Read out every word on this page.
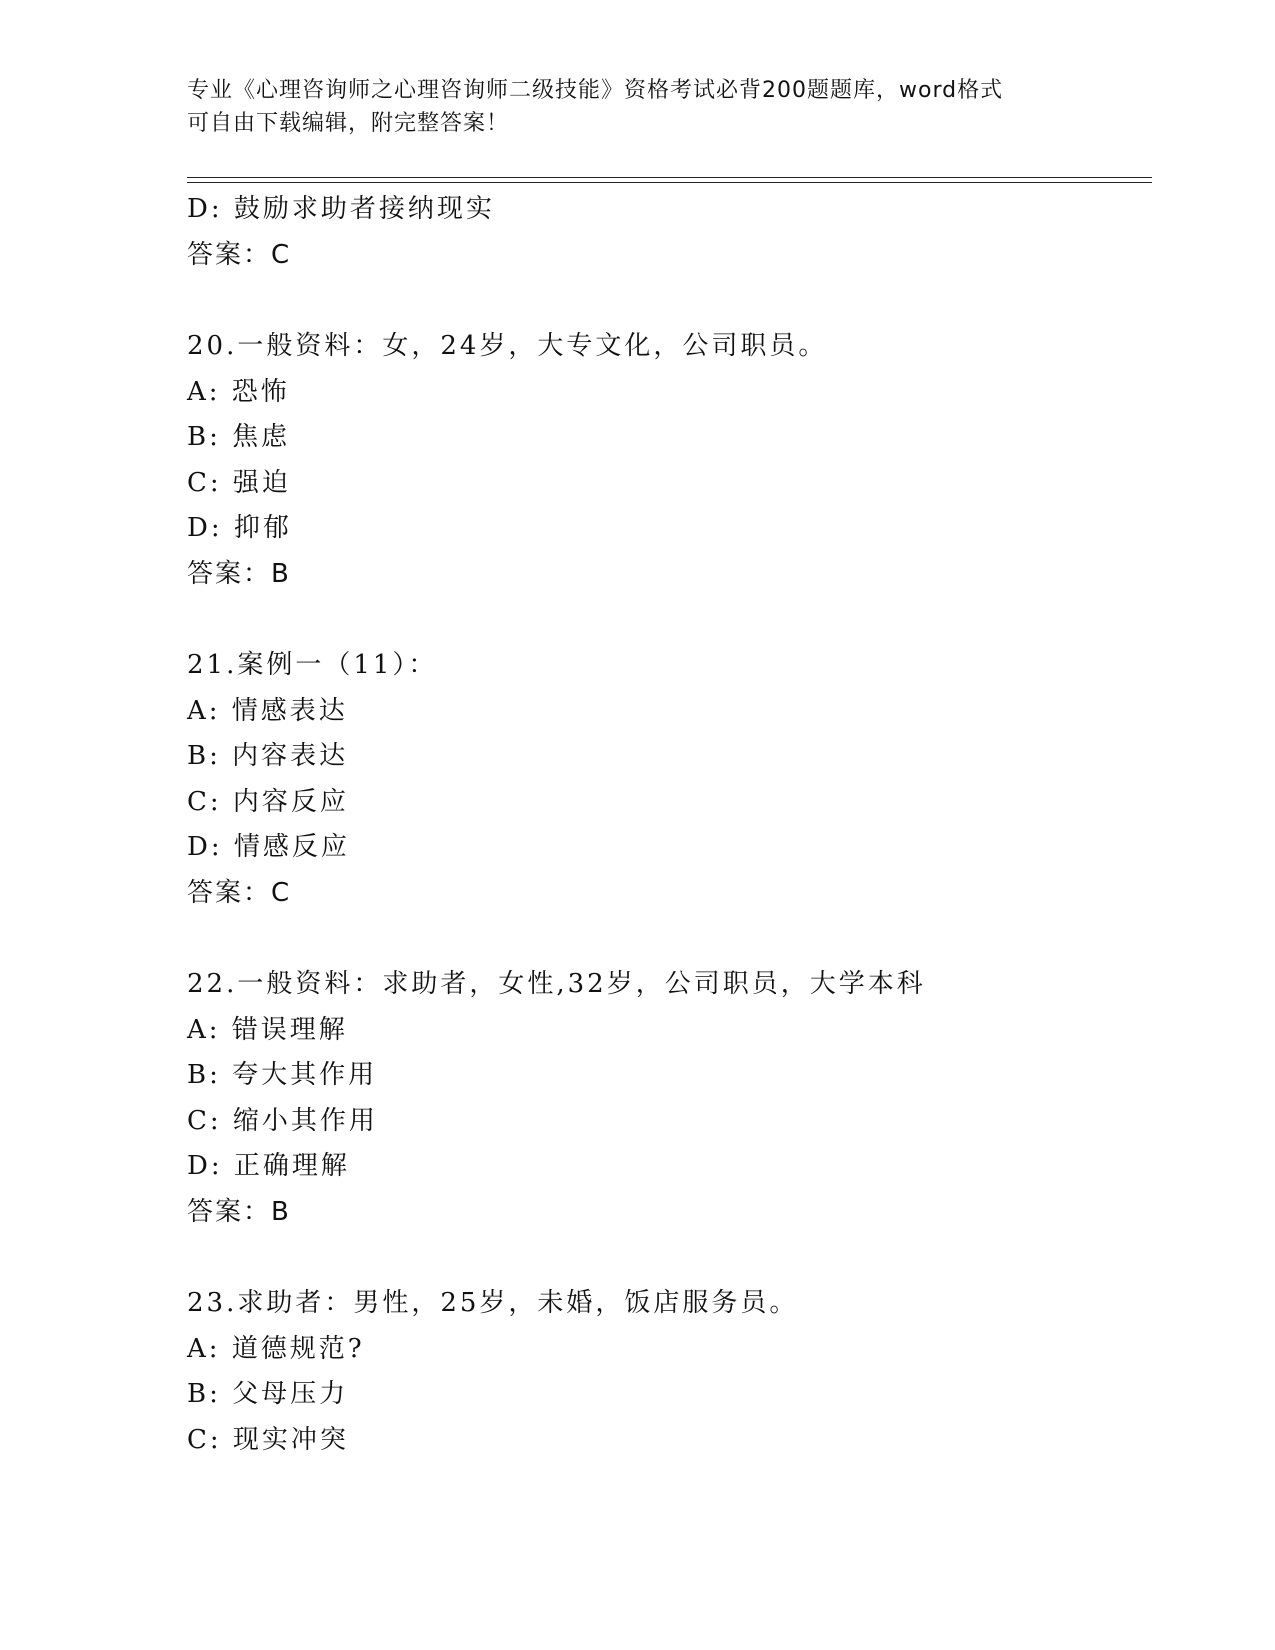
专业《心理咨询师之心理咨询师二级技能》资格考试必背200题题库，word格式
可自由下载编辑，附完整答案！
D: 鼓励求助者接纳现实
答案：C
20.一般资料：女，24岁，大专文化，公司职员。
A: 恐怖
B: 焦虑
C: 强迫
D: 抑郁
答案：B
21.案例一（11）：
A: 情感表达
B: 内容表达
C: 内容反应
D: 情感反应
答案：C
22.一般资料：求助者，女性,32岁，公司职员，大学本科
A: 错误理解
B: 夸大其作用
C: 缩小其作用
D: 正确理解
答案：B
23.求助者：男性，25岁，未婚，饭店服务员。
A: 道德规范?
B: 父母压力
C: 现实冲突
